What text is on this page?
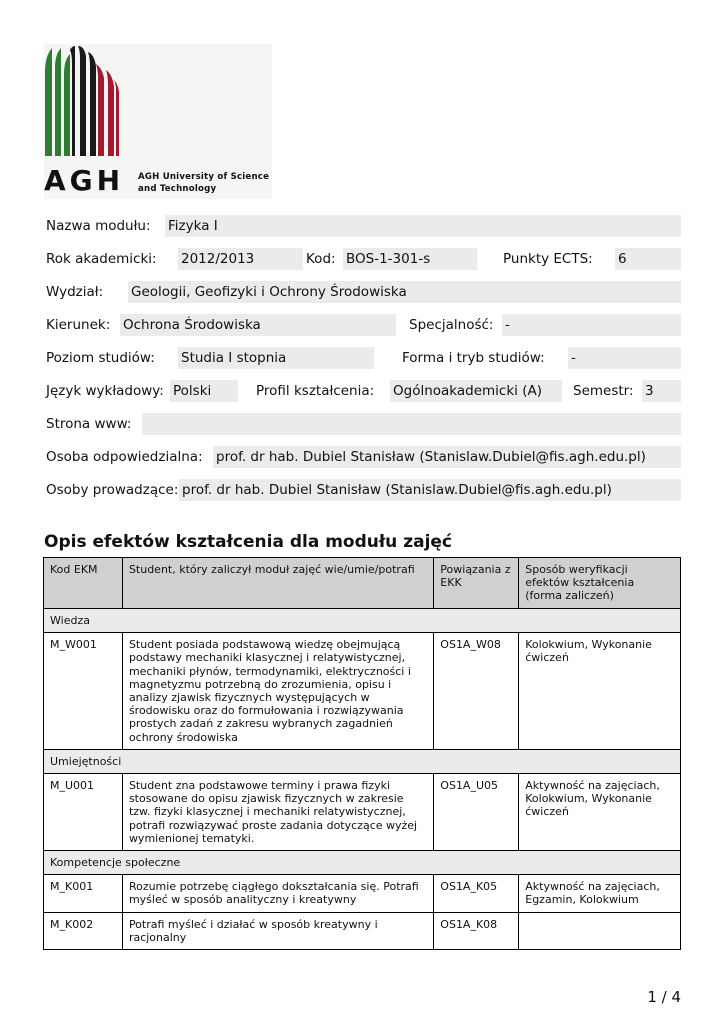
AGH AGH University of Science
and Technology
Nazwa modułu: Fizyka I
Rok akademicki: 2012/2013	Kod: BOS-1-301-s	Punkty ECTS: 6
Wydział: Geologii, Geofizyki i Ochrony Środowiska
Kierunek: Ochrona Środowiska	Specjalność: -
Poziom studiów: Studia I stopnia	Forma i tryb studiów: -
Język wykładowy: Polski	Profil kształcenia: Ogólnoakademicki (A)	Semestr: 3
Strona www:
Osoba odpowiedzialna: prof. dr hab. Dubiel Stanisław (Stanislaw.Dubiel@fis.agh.edu.pl)
Osoby prowadzące: prof. dr hab. Dubiel Stanisław (Stanislaw.Dubiel@fis.agh.edu.pl)
Opis efektów kształcenia dla modułu zajęć
Kod EKM	Student, który zaliczył moduł zajęć wie/umie/potrafi	Powiązania z EKK	Sposób weryfikacji efektów kształcenia (forma zaliczeń)
Wiedza			
M_W001	Student posiada podstawową wiedzę obejmującą podstawy mechaniki klasycznej i relatywistycznej, mechaniki płynów, termodynamiki, elektryczności i magnetyzmu potrzebną do zrozumienia, opisu i analizy zjawisk fizycznych występujących w środowisku oraz do formułowania i rozwiązywania prostych zadań z zakresu wybranych zagadnień ochrony środowiska	OS1A_W08	Kolokwium, Wykonanie ćwiczeń
Umiejętności			
M_U001	Student zna podstawowe terminy i prawa fizyki stosowane do opisu zjawisk fizycznych w zakresie tzw. fizyki klasycznej i mechaniki relatywistycznej, potrafi rozwiązywać proste zadania dotyczące wyżej wymienionej tematyki.	OS1A_U05	Aktywność na zajęciach, Kolokwium, Wykonanie ćwiczeń
Kompetencje społeczne			
M_K001	Rozumie potrzebę ciągłego dokształcania się. Potrafi myśleć w sposób analityczny i kreatywny	OS1A_K05	Aktywność na zajęciach, Egzamin, Kolokwium
M_K002	Potrafi myśleć i działać w sposób kreatywny i racjonalny	OS1A_K08	
1 / 4
